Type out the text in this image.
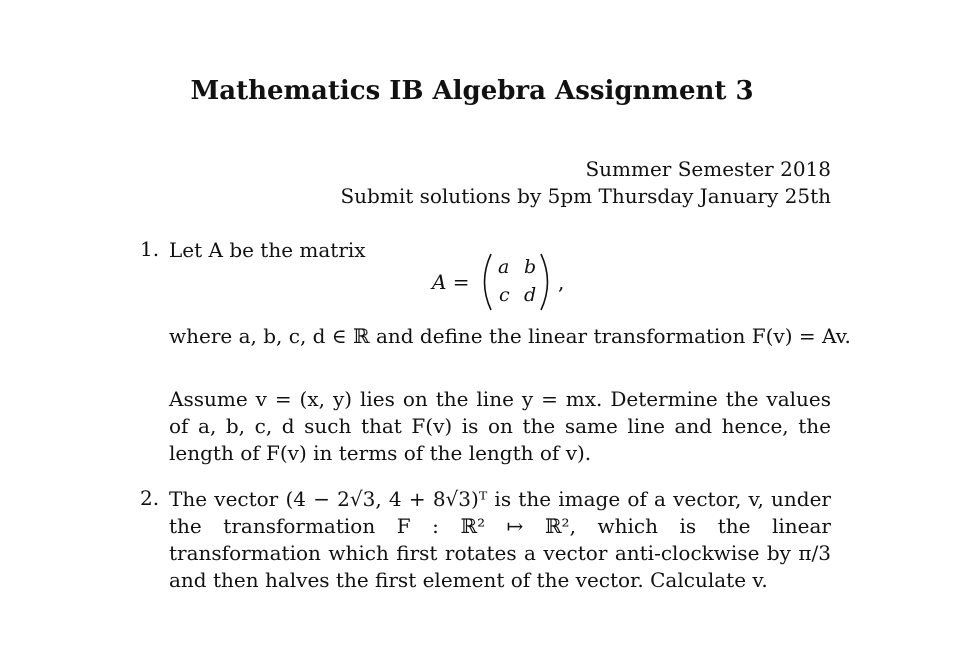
Mathematics IB Algebra Assignment 3
Summer Semester 2018
Submit solutions by 5pm Thursday January 25th
1. Let A be the matrix
A =
a b
c d
,
where a, b, c, d ∈ ℝ and define the linear transformation F(v) = Av.
Assume v = (x, y) lies on the line y = mx. Determine the values of a, b, c, d such that F(v) is on the same line and hence, the length of F(v) in terms of the length of v).
2. The vector (4 − 2√3, 4 + 8√3)ᵀ is the image of a vector, v, under the transformation F : ℝ² ↦ ℝ², which is the linear transformation which first rotates a vector anti-clockwise by π/3 and then halves the first element of the vector. Calculate v.
